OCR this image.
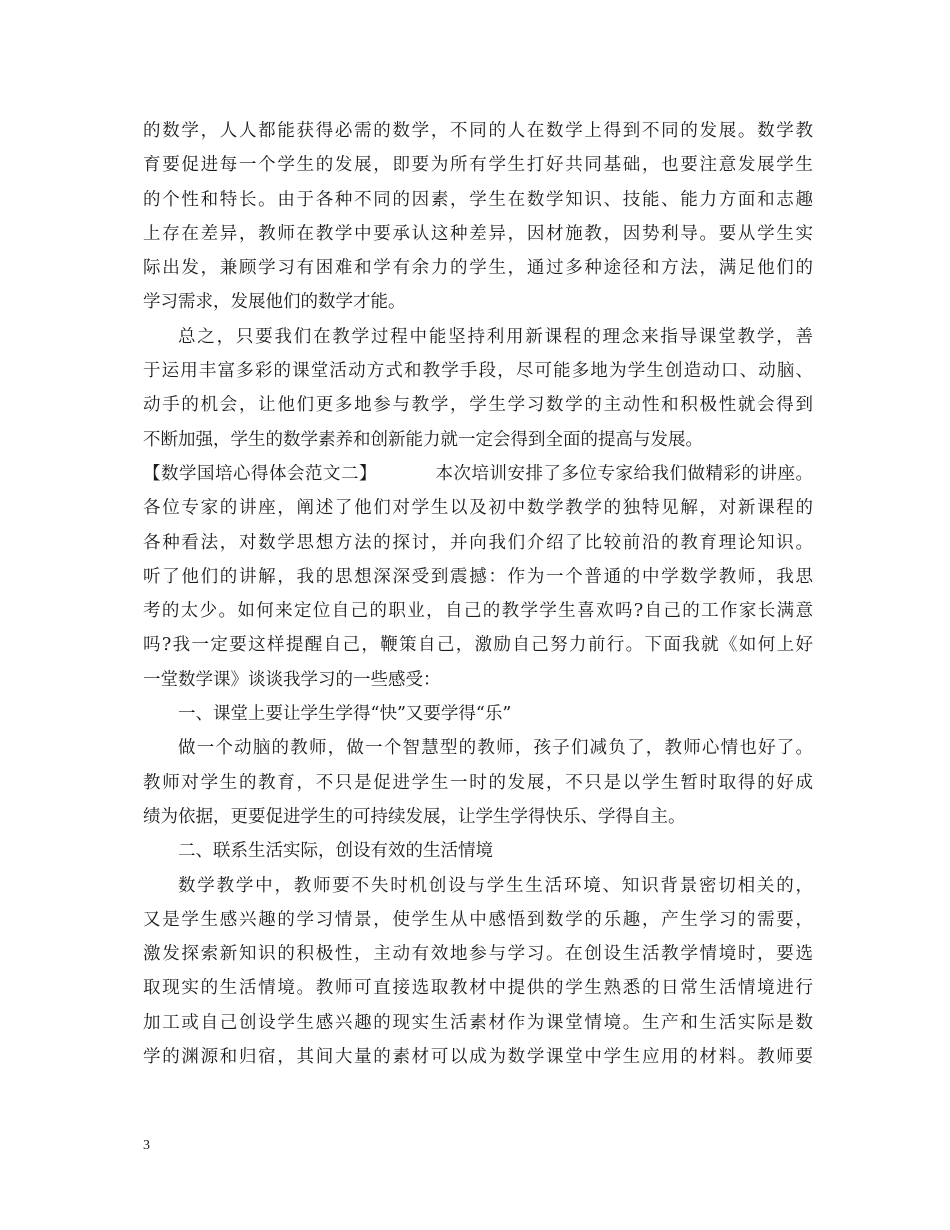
的数学，人人都能获得必需的数学，不同的人在数学上得到不同的发展。数学教
育要促进每一个学生的发展，即要为所有学生打好共同基础，也要注意发展学生
的个性和特长。由于各种不同的因素，学生在数学知识、技能、能力方面和志趣
上存在差异，教师在教学中要承认这种差异，因材施教，因势利导。要从学生实
际出发，兼顾学习有困难和学有余力的学生，通过多种途径和方法，满足他们的
学习需求，发展他们的数学才能。
总之，只要我们在教学过程中能坚持利用新课程的理念来指导课堂教学，善
于运用丰富多彩的课堂活动方式和教学手段，尽可能多地为学生创造动口、动脑、
动手的机会，让他们更多地参与教学，学生学习数学的主动性和积极性就会得到
不断加强，学生的数学素养和创新能力就一定会得到全面的提高与发展。
【数学国培心得体会范文二】	本次培训安排了多位专家给我们做精彩的讲座。
各位专家的讲座，阐述了他们对学生以及初中数学教学的独特见解，对新课程的
各种看法，对数学思想方法的探讨，并向我们介绍了比较前沿的教育理论知识。
听了他们的讲解，我的思想深深受到震撼：作为一个普通的中学数学教师，我思
考的太少。如何来定位自己的职业，自己的教学学生喜欢吗?自己的工作家长满意
吗?我一定要这样提醒自己，鞭策自己，激励自己努力前行。下面我就《如何上好
一堂数学课》谈谈我学习的一些感受：
一、课堂上要让学生学得“快”又要学得“乐”
做一个动脑的教师，做一个智慧型的教师，孩子们减负了，教师心情也好了。
教师对学生的教育，不只是促进学生一时的发展，不只是以学生暂时取得的好成
绩为依据，更要促进学生的可持续发展，让学生学得快乐、学得自主。
二、联系生活实际，创设有效的生活情境
数学教学中，教师要不失时机创设与学生生活环境、知识背景密切相关的，
又是学生感兴趣的学习情景，使学生从中感悟到数学的乐趣，产生学习的需要，
激发探索新知识的积极性，主动有效地参与学习。在创设生活教学情境时，要选
取现实的生活情境。教师可直接选取教材中提供的学生熟悉的日常生活情境进行
加工或自己创设学生感兴趣的现实生活素材作为课堂情境。生产和生活实际是数
学的渊源和归宿，其间大量的素材可以成为数学课堂中学生应用的材料。教师要
3
